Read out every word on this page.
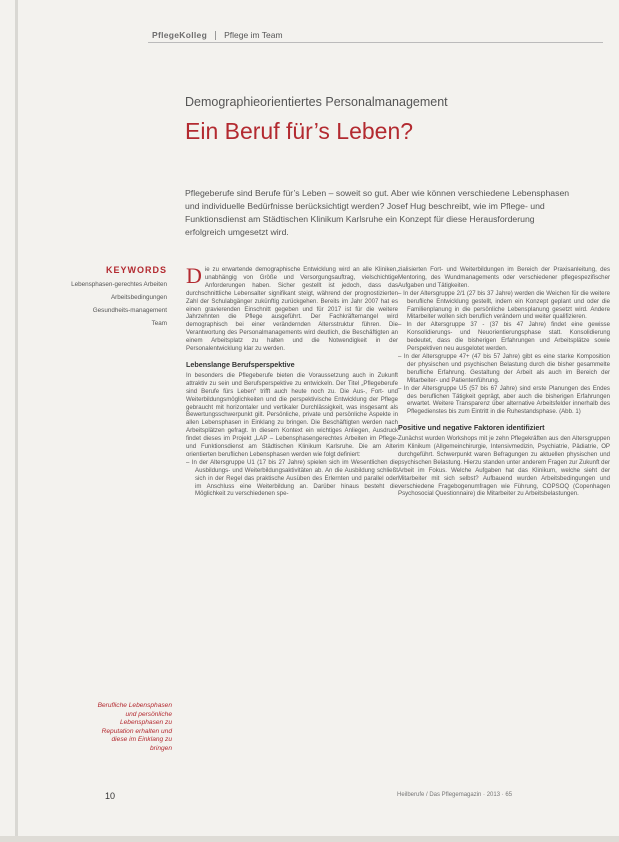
PflegeKolleg Pflege im Team
Demographieorientiertes Personalmanagement
Ein Beruf für’s Leben?
Pflegeberufe sind Berufe für’s Leben – soweit so gut. Aber wie können verschiedene Lebensphasen und individuelle Bedürfnisse berücksichtigt werden? Josef Hug beschreibt, wie im Pflege- und Funktionsdienst am Städtischen Klinikum Karlsruhe ein Konzept für diese Herausforderung erfolgreich umgesetzt wird.
KEYWORDS
Lebensphasen-gerechtes Arbeiten
Arbeitsbedingungen
Gesundheits-management
Team
D ie zu erwartende demographische Entwicklung wird an alle Kliniken, unabhängig von Größe und Versorgungsauftrag, vielschichtige Anforderungen haben. Sicher gestellt ist jedoch, dass das durchschnittliche Lebensalter signifikant steigt, während der prognostizierten Zahl der Schulabgänger zukünftig zurückgehen. Bereits im Jahr 2007 hat es einen gravierenden Einschnitt gegeben und für 2017 ist für die weitere Jahrzehnten die Pflege ausgeführt. Der Fachkräftemangel wird demographisch bei einer verändernden Altersstruktur führen. Die Verantwortung des Personalmanagements wird deutlich, die Beschäftigten an einem Arbeitsplatz zu halten und die Notwendigkeit in der Personalentwicklung klar zu werden.

Lebenslange Berufsperspektive

In besonders die Pflegeberufe bieten die Voraussetzung auch in Zukunft attraktiv zu sein und Berufsperspektive zu entwickeln. Der Titel „Pflegeberufe sind Berufe fürs Leben“ trifft auch heute noch zu. Die Aus-, Fort- und Weiterbildungsmöglichkeiten und die perspektivische Entwicklung der Pflege gebraucht mit horizontaler und vertikaler Durchlässigkeit, was insgesamt als Bewertungsschwerpunkt gilt. Persönliche, private und persönliche Aspekte in allen Lebensphasen in Einklang zu bringen. Die Beschäftigten werden nach Arbeitsplätzen gefragt. In diesem Kontext ein wichtiges Anliegen, Ausdruck findet dieses im Projekt „LAP – Lebensphasengerechtes Arbeiten im Pflege- und Funktionsdienst am Städtischen Klinikum Karlsruhe. Die am Alter orientierten beruflichen Lebensphasen werden wie folgt definiert:

– In der Altersgruppe U1 (17 bis 27 Jahre) spielen sich im Wesentlichen die Ausbildungs- und Weiterbildungsaktivitäten ab. An die Ausbildung schließt sich in der Regel das praktische Ausüben des Erlernten und parallel oder im Anschluss eine Weiterbildung an. Darüber hinaus besteht die Möglichkeit zu verschiedenen spe-

zialisierten Fort- und Weiterbildungen im Bereich der Praxisanleitung, des Mentoring, des Wundmanagements oder verschiedener pflegespezifischer Aufgaben und Tätigkeiten.

– In der Altersgruppe 2/1 (27 bis 37 Jahre) werden die Weichen für die weitere berufliche Entwicklung gestellt, indem ein Konzept geplant und oder die Familienplanung in die persönliche Lebensplanung gesetzt wird. Andere Mitarbeiter wollen sich beruflich verändern und weiter qualifizieren.

– In der Altersgruppe 37 - (37 bis 47 Jahre) findet eine gewisse Konsolidierungs- und Neuorientierungsphase statt. Konsolidierung bedeutet, dass die bisherigen Erfahrungen und Arbeitsplätze sowie Perspektiven neu ausgelotet werden.

– In der Altersgruppe 47+ (47 bis 57 Jahre) gibt es eine starke Komposition der physischen und psychischen Belastung durch die bisher gesammelte berufliche Erfahrung. Gestaltung der Arbeit als auch im Bereich der Mitarbeiter- und Patientenführung.

– In der Altersgruppe U5 (57 bis 67 Jahre) sind erste Planungen des Endes des beruflichen Tätigkeit geprägt, aber auch die bisherigen Erfahrungen erwartet. Weitere Transparenz über alternative Arbeitsfelder innerhalb des Pflegedienstes bis zum Eintritt in die Ruhestandsphase. (Abb. 1)

Positive und negative Faktoren identifiziert

Zunächst wurden Workshops mit je zehn Pflegekräften aus den Altersgruppen im Klinikum (Allgemeinchirurgie, Intensivmedizin, Psychiatrie, Pädiatrie, OP durchgeführt. Schwerpunkt waren Befragungen zu aktuellen physischen und psychischen Belastung. Hierzu standen unter anderem Fragen zur Zukunft der Arbeit im Fokus. Welche Aufgaben hat das Klinikum, welche sieht der Mitarbeiter mit sich selbst? Aufbauend wurden Arbeitsbedingungen und verschiedene Fragebogenumfragen wie Führung, COPSOQ (Copenhagen Psychosocial Questionnaire) die Mitarbeiter zu Arbeitsbelastungen.

Berufliche Lebensphasen und persönliche Lebensphasen zu Reputation erhalten und diese im Einklang zu bringen
10	Heilberufe / Das Pflegemagazin · 2013 · 65
